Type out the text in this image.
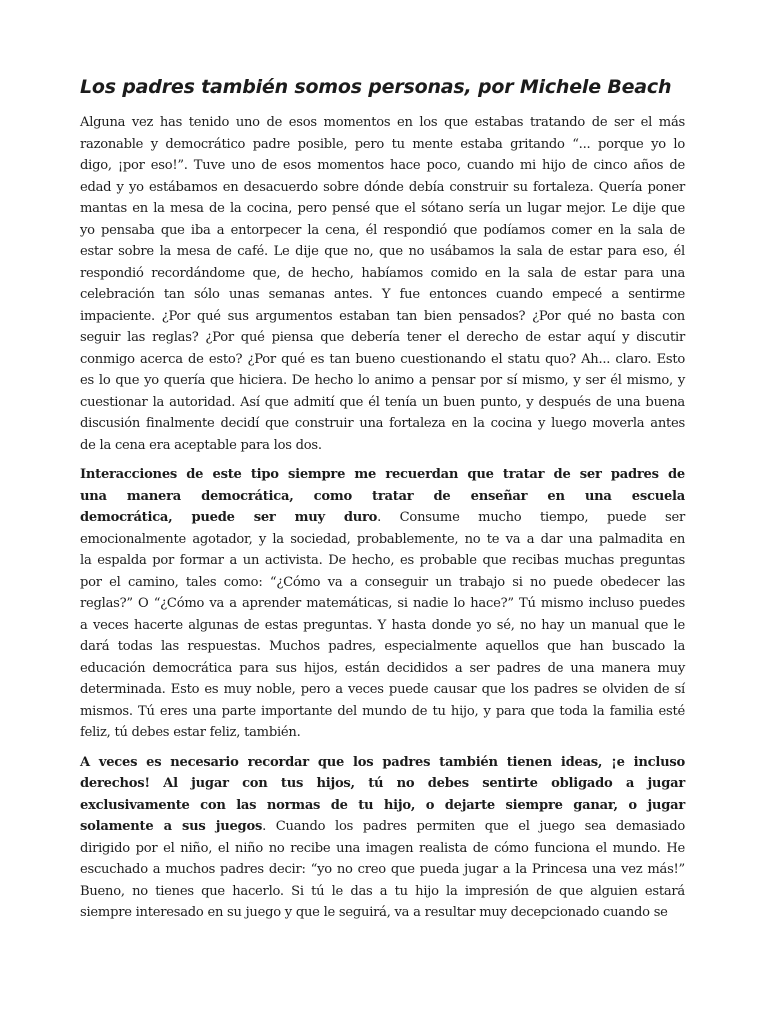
Los padres también somos personas, por Michele Beach

Alguna vez has tenido uno de esos momentos en los que estabas tratando de ser el más
razonable y democrático padre posible, pero tu mente estaba gritando “... porque yo lo
digo, ¡por eso!”. Tuve uno de esos momentos hace poco, cuando mi hijo de cinco años de
edad y yo estábamos en desacuerdo sobre dónde debía construir su fortaleza. Quería poner
mantas en la mesa de la cocina, pero pensé que el sótano sería un lugar mejor. Le dije que
yo pensaba que iba a entorpecer la cena, él respondió que podíamos comer en la sala de
estar sobre la mesa de café. Le dije que no, que no usábamos la sala de estar para eso, él
respondió recordándome que, de hecho, habíamos comido en la sala de estar para una
celebración tan sólo unas semanas antes. Y fue entonces cuando empecé a sentirme
impaciente. ¿Por qué sus argumentos estaban tan bien pensados? ¿Por qué no basta con
seguir las reglas? ¿Por qué piensa que debería tener el derecho de estar aquí y discutir
conmigo acerca de esto? ¿Por qué es tan bueno cuestionando el statu quo? Ah... claro. Esto
es lo que yo quería que hiciera. De hecho lo animo a pensar por sí mismo, y ser él mismo, y
cuestionar la autoridad. Así que admití que él tenía un buen punto, y después de una buena
discusión finalmente decidí que construir una fortaleza en la cocina y luego moverla antes
de la cena era aceptable para los dos.

Interacciones de este tipo siempre me recuerdan que tratar de ser padres de
una manera democrática, como tratar de enseñar en una escuela
democrática, puede ser muy duro. Consume mucho tiempo, puede ser
emocionalmente agotador, y la sociedad, probablemente, no te va a dar una palmadita en
la espalda por formar a un activista. De hecho, es probable que recibas muchas preguntas
por el camino, tales como: “¿Cómo va a conseguir un trabajo si no puede obedecer las
reglas?” O “¿Cómo va a aprender matemáticas, si nadie lo hace?” Tú mismo incluso puedes
a veces hacerte algunas de estas preguntas. Y hasta donde yo sé, no hay un manual que le
dará todas las respuestas. Muchos padres, especialmente aquellos que han buscado la
educación democrática para sus hijos, están decididos a ser padres de una manera muy
determinada. Esto es muy noble, pero a veces puede causar que los padres se olviden de sí
mismos. Tú eres una parte importante del mundo de tu hijo, y para que toda la familia esté
feliz, tú debes estar feliz, también.

A veces es necesario recordar que los padres también tienen ideas, ¡e incluso
derechos! Al jugar con tus hijos, tú no debes sentirte obligado a jugar
exclusivamente con las normas de tu hijo, o dejarte siempre ganar, o jugar
solamente a sus juegos. Cuando los padres permiten que el juego sea demasiado
dirigido por el niño, el niño no recibe una imagen realista de cómo funciona el mundo. He
escuchado a muchos padres decir: “yo no creo que pueda jugar a la Princesa una vez más!”
Bueno, no tienes que hacerlo. Si tú le das a tu hijo la impresión de que alguien estará
siempre interesado en su juego y que le seguirá, va a resultar muy decepcionado cuando se
